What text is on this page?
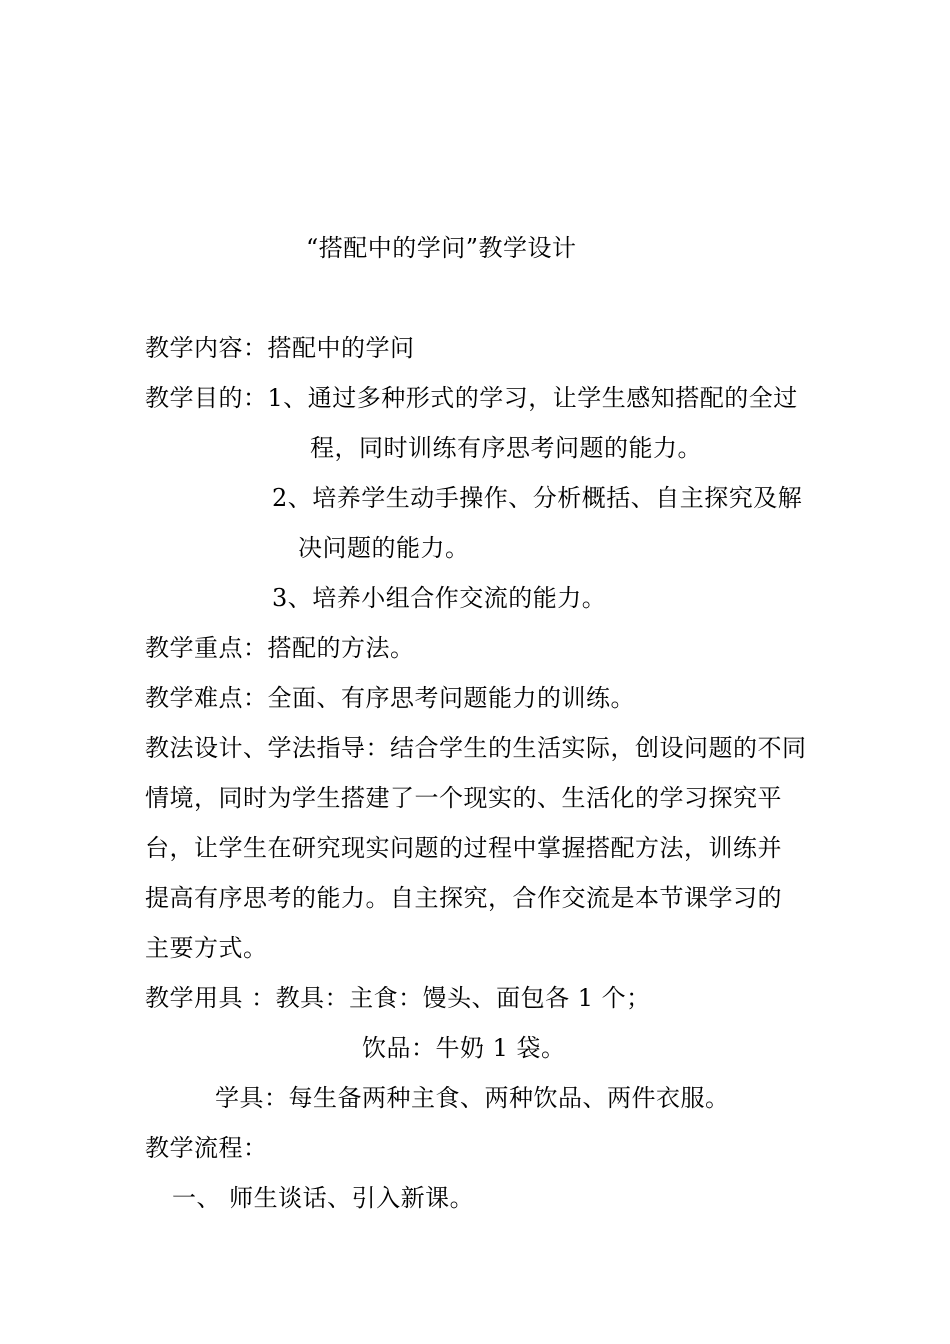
“搭配中的学问”教学设计
教学内容：搭配中的学问
教学目的：1、通过多种形式的学习，让学生感知搭配的全过
程，同时训练有序思考问题的能力。
2、培养学生动手操作、分析概括、自主探究及解
决问题的能力。
3、培养小组合作交流的能力。
教学重点：搭配的方法。
教学难点：全面、有序思考问题能力的训练。
教法设计、学法指导：结合学生的生活实际，创设问题的不同
情境，同时为学生搭建了一个现实的、生活化的学习探究平
台，让学生在研究现实问题的过程中掌握搭配方法，训练并
提高有序思考的能力。自主探究，合作交流是本节课学习的
主要方式。
教学用具 ：教具：主食：馒头、面包各 1 个；
饮品：牛奶 1 袋。
学具：每生备两种主食、两种饮品、两件衣服。
教学流程：
一、 师生谈话、引入新课。
